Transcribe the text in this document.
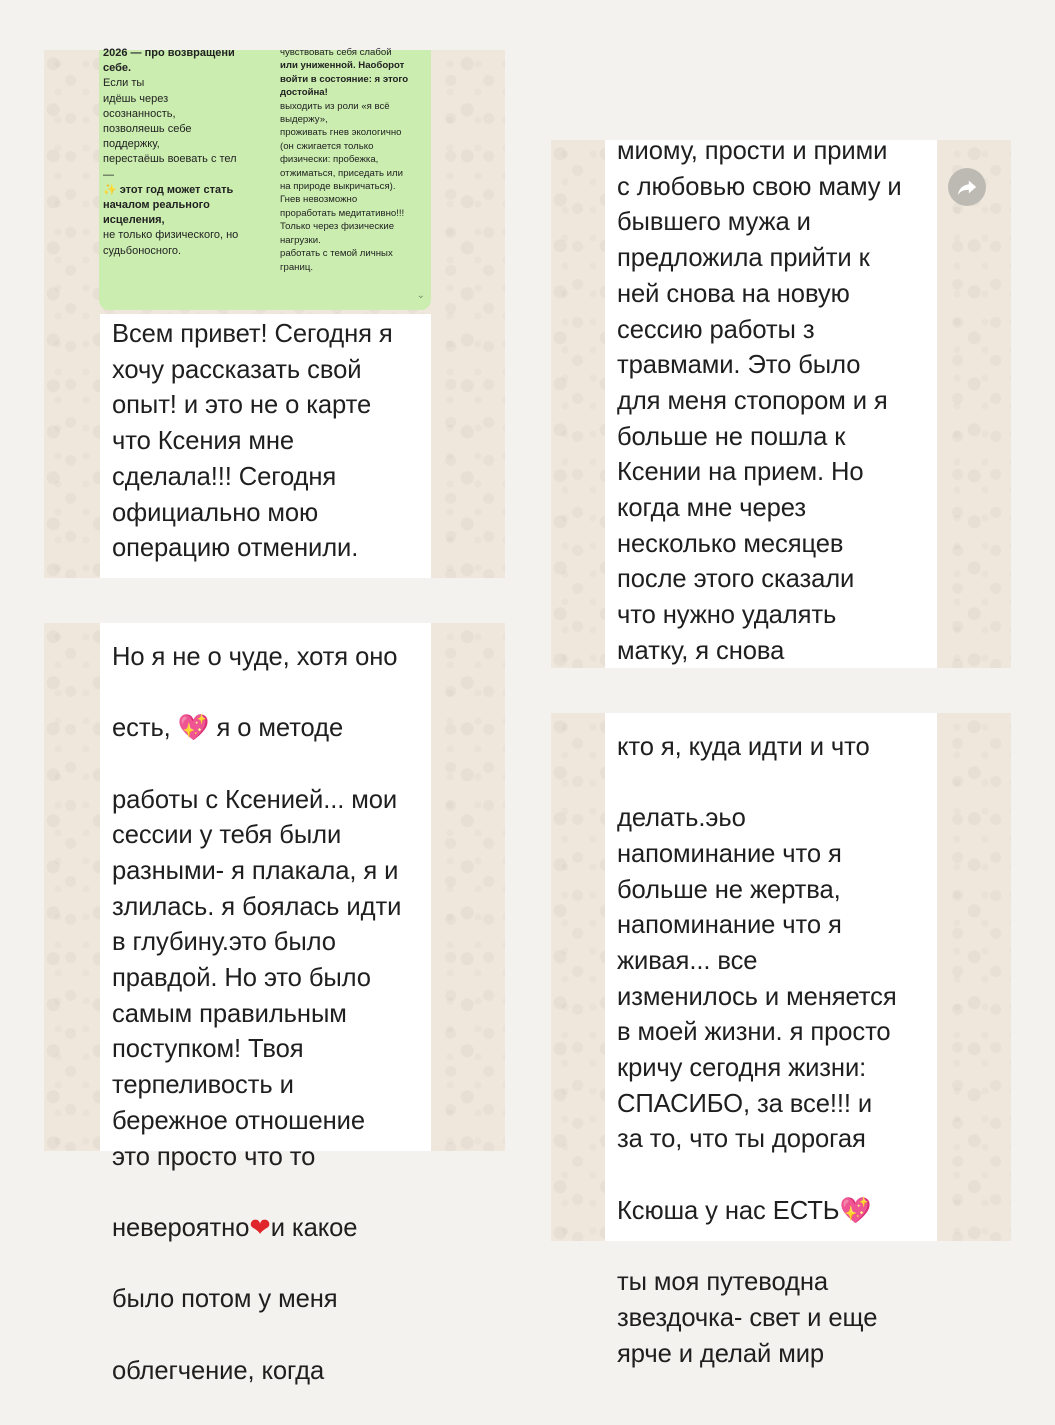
2026 — про возвращени
себе.
Если ты
идёшь через
осознанность,
позволяешь себе
поддержку,
перестаёшь воевать с тел
—
✨ этот год может стать
началом реального
исцеления,
не только физического, но
судьбоносного.
чувствовать себя слабой
или униженной. Наоборот
войти в состояние: я этого
достойна!
выходить из роли «я всё
выдержу»,
проживать гнев экологично
(он сжигается только
физически: пробежка,
отжиматься, приседать или
на природе выкричаться).
Гнев невозможно
проработать медитативно!!!
Только через физические
нагрузки.
работать с темой личных
границ.
⌄
Всем привет! Сегодня я
хочу рассказать свой
опыт! и это не о карте
что Ксения мне
сделала!!! Сегодня
официально мою
операцию отменили.
миому, прости и прими
с любовью свою маму и
бывшего мужа и
предложила прийти к
ней снова на новую
сессию работы з
травмами. Это было
для меня стопором и я
больше не пошла к
Ксении на прием. Но
когда мне через
несколько месяцев
после этого сказали
что нужно удалять
матку, я снова

Но я не о чуде, хотя оно

есть, 💖 я о методе

работы с Ксенией... мои
сессии у тебя были
разными- я плакала, я и
злилась. я боялась идти
в глубину.это было
правдой. Но это было
самым правильным
поступком! Твоя
терпеливость и
бережное отношение
это просто что то

невероятно❤и какое

было потом у меня

облегчение, когда

кто я, куда идти и что

делать.эьо
напоминание что я
больше не жертва,
напоминание что я
живая... все
изменилось и меняется
в моей жизни. я просто
кричу сегодня жизни:
СПАСИБО, за все!!! и
за то, что ты дорогая

Ксюша у нас ЕСТЬ💖

ты моя путеводна
звездочка- свет и еще
ярче и делай мир
